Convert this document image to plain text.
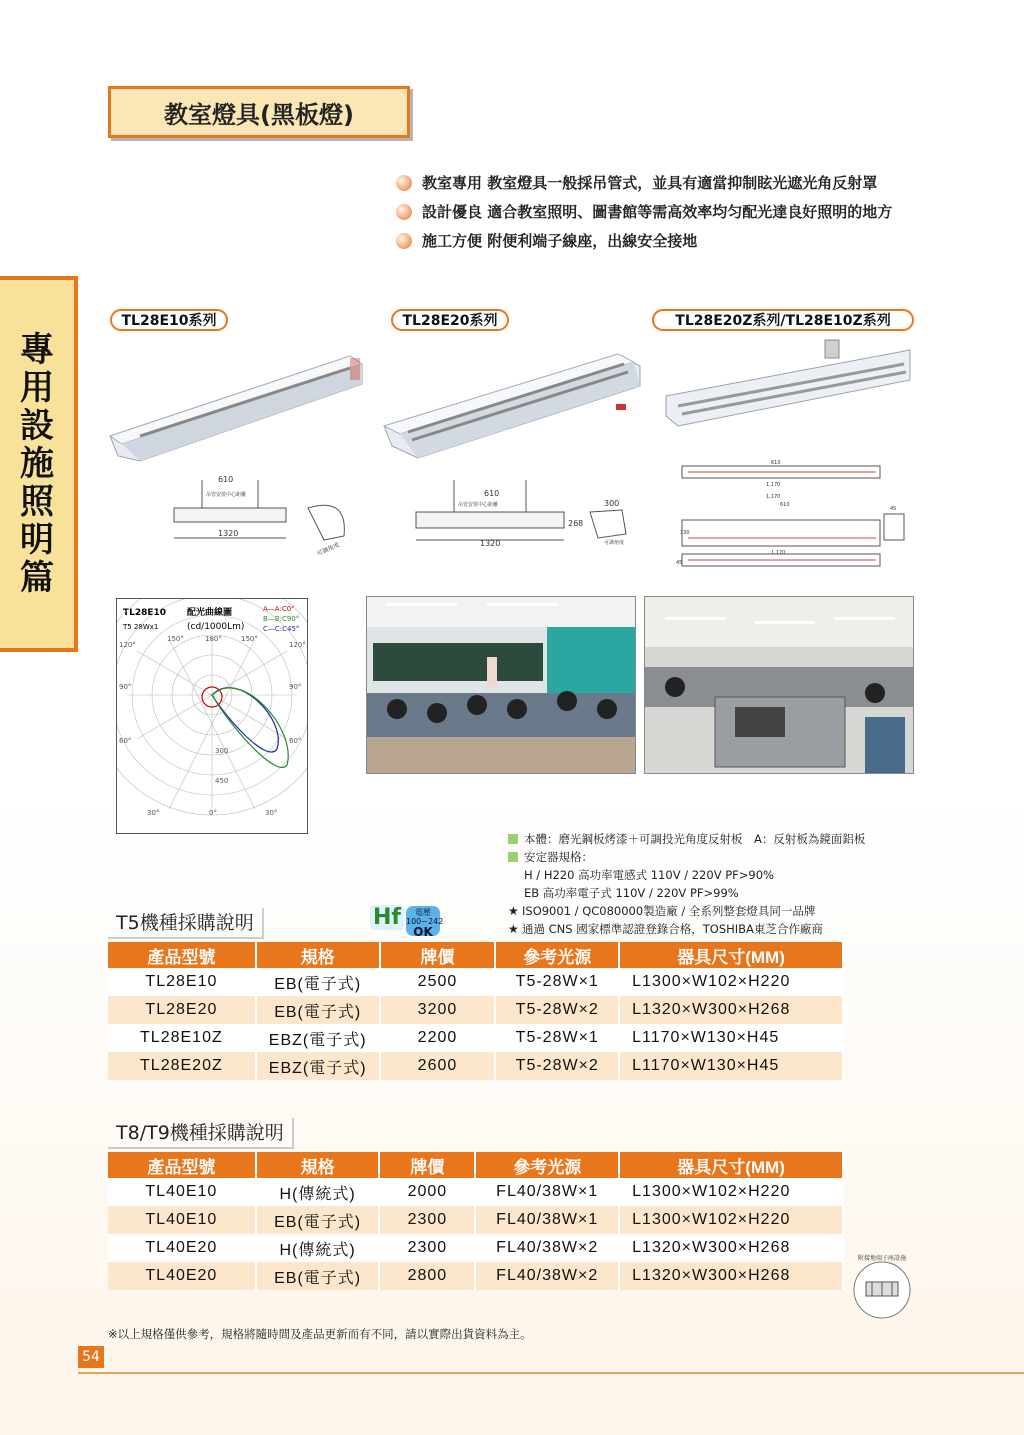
教室燈具(黑板燈)
教室專用 教室燈具一般採吊管式，並具有適當抑制眩光遮光角反射罩
設計優良 適合教室照明、圖書館等需高效率均匀配光達良好照明的地方
施工方便 附便利端子線座，出線安全接地
專
用
設
施
照
明
篇
TL28E10系列	TL28E20系列	TL28E20Z系列/TL28E10Z系列
610
吊管安裝中心距離
1320
可調角度
610
吊管安裝中心距離
1320
300
268
可調角度
610
1,170
1,170
610
45
130
1,170
45
TL28E10
T5 28Wx1
配光曲線圖
(cd/1000Lm)
A—A:C0°
B—B:C90°
C—C:C45°
150°	180°	150°
120°	120°
90°	90°
60°	60°
30°	0°	30°
300
450
本體：磨光鋼板烤漆＋可調投光角度反射板　A：反射板為鏡面鋁板
安定器規格：
H / H220 高功率電感式 110V / 220V PF>90%
EB 高功率電子式 110V / 220V PF>99%
★ ISO9001 / QC080000製造廠 / 全系列整套燈具同一品牌
★ 通過 CNS 國家標準認證登錄合格，TOSHIBA東芝合作廠商
Hf	電壓
100~242
OK
T5機種採購說明
產品型號	規格	牌價	參考光源	器具尺寸(MM)
TL28E10	EB(電子式)	2500	T5-28W×1	L1300×W102×H220
TL28E20	EB(電子式)	3200	T5-28W×2	L1320×W300×H268
TL28E10Z	EBZ(電子式)	2200	T5-28W×1	L1170×W130×H45
TL28E20Z	EBZ(電子式)	2600	T5-28W×2	L1170×W130×H45
T8/T9機種採購說明
產品型號	規格	牌價	參考光源	器具尺寸(MM)
TL40E10	H(傳統式)	2000	FL40/38W×1	L1300×W102×H220
TL40E10	EB(電子式)	2300	FL40/38W×1	L1300×W102×H220
TL40E20	H(傳統式)	2300	FL40/38W×2	L1320×W300×H268
TL40E20	EB(電子式)	2800	FL40/38W×2	L1320×W300×H268
附接地端子座設施
※以上規格僅供參考，規格將隨時間及產品更新而有不同，請以實際出貨資料為主。
54
